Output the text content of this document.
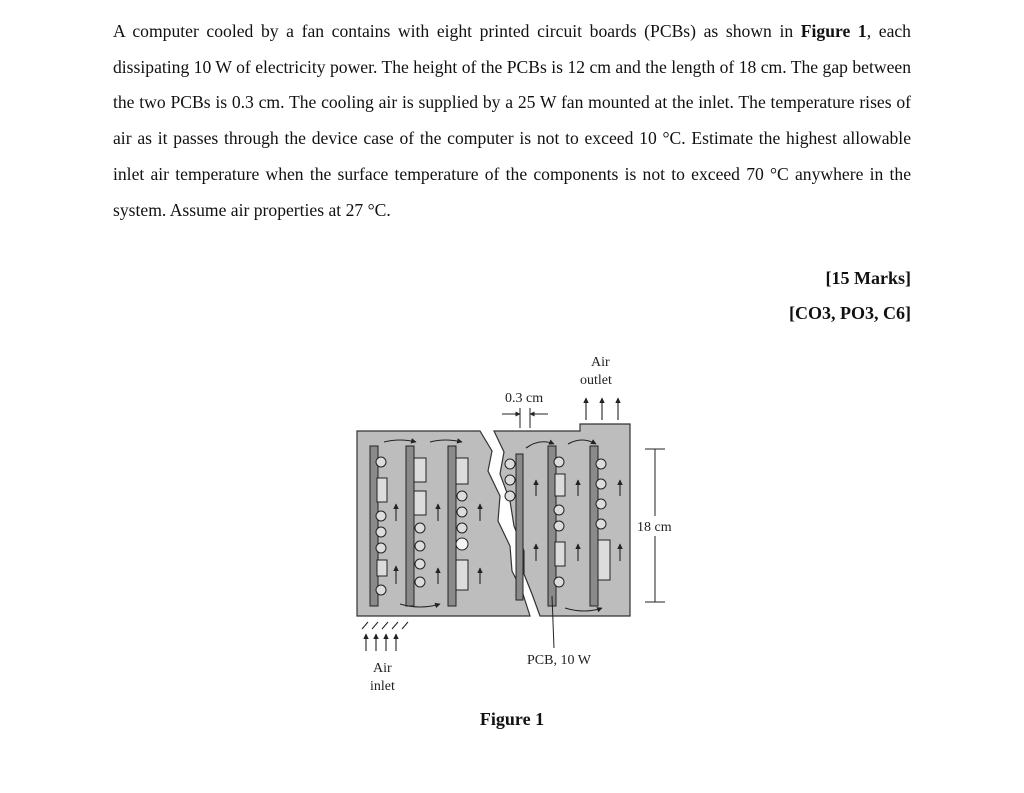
A computer cooled by a fan contains with eight printed circuit boards (PCBs) as shown in Figure 1, each dissipating 10 W of electricity power. The height of the PCBs is 12 cm and the length of 18 cm. The gap between the two PCBs is 0.3 cm. The cooling air is supplied by a 25 W fan mounted at the inlet. The temperature rises of air as it passes through the device case of the computer is not to exceed 10 °C. Estimate the highest allowable inlet air temperature when the surface temperature of the components is not to exceed 70 °C anywhere in the system. Assume air properties at 27 °C.
[15 Marks]
[CO3, PO3, C6]
18 cm
0.3 cm
Air
outlet
Air
inlet
PCB, 10 W
Figure 1
